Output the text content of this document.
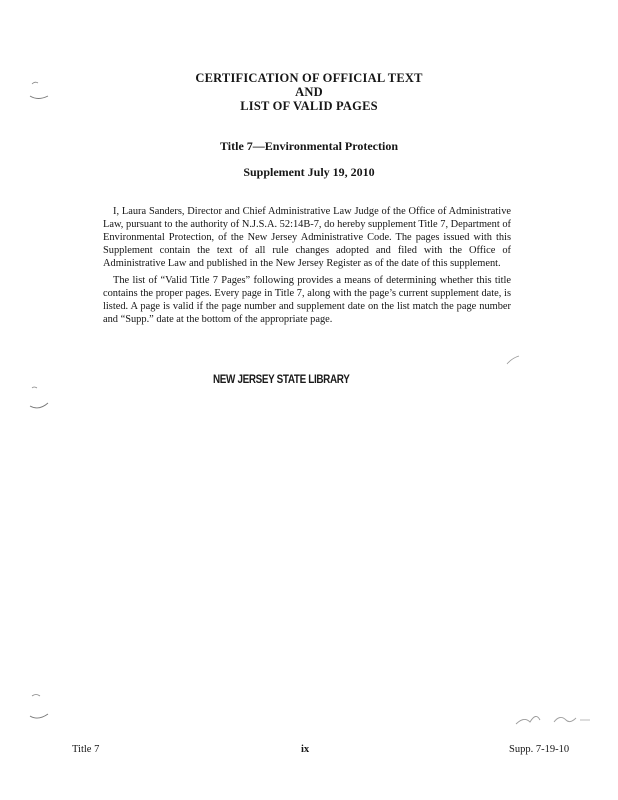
CERTIFICATION OF OFFICIAL TEXT
AND
LIST OF VALID PAGES
Title 7—Environmental Protection
Supplement July 19, 2010

I, Laura Sanders, Director and Chief Administrative Law Judge of the Office of Administrative Law, pursuant to the authority of N.J.S.A. 52:14B-7, do hereby supplement Title 7, Department of Environmental Protection, of the New Jersey Administrative Code. The pages issued with this Supplement contain the text of all rule changes adopted and filed with the Office of Administrative Law and published in the New Jersey Register as of the date of this supplement.

The list of “Valid Title 7 Pages” following provides a means of determining whether this title contains the proper pages. Every page in Title 7, along with the page’s current supplement date, is listed. A page is valid if the page number and supplement date on the list match the page number and “Supp.” date at the bottom of the appropriate page.

NEW JERSEY STATE LIBRARY
Title 7	ix	Supp. 7-19-10
